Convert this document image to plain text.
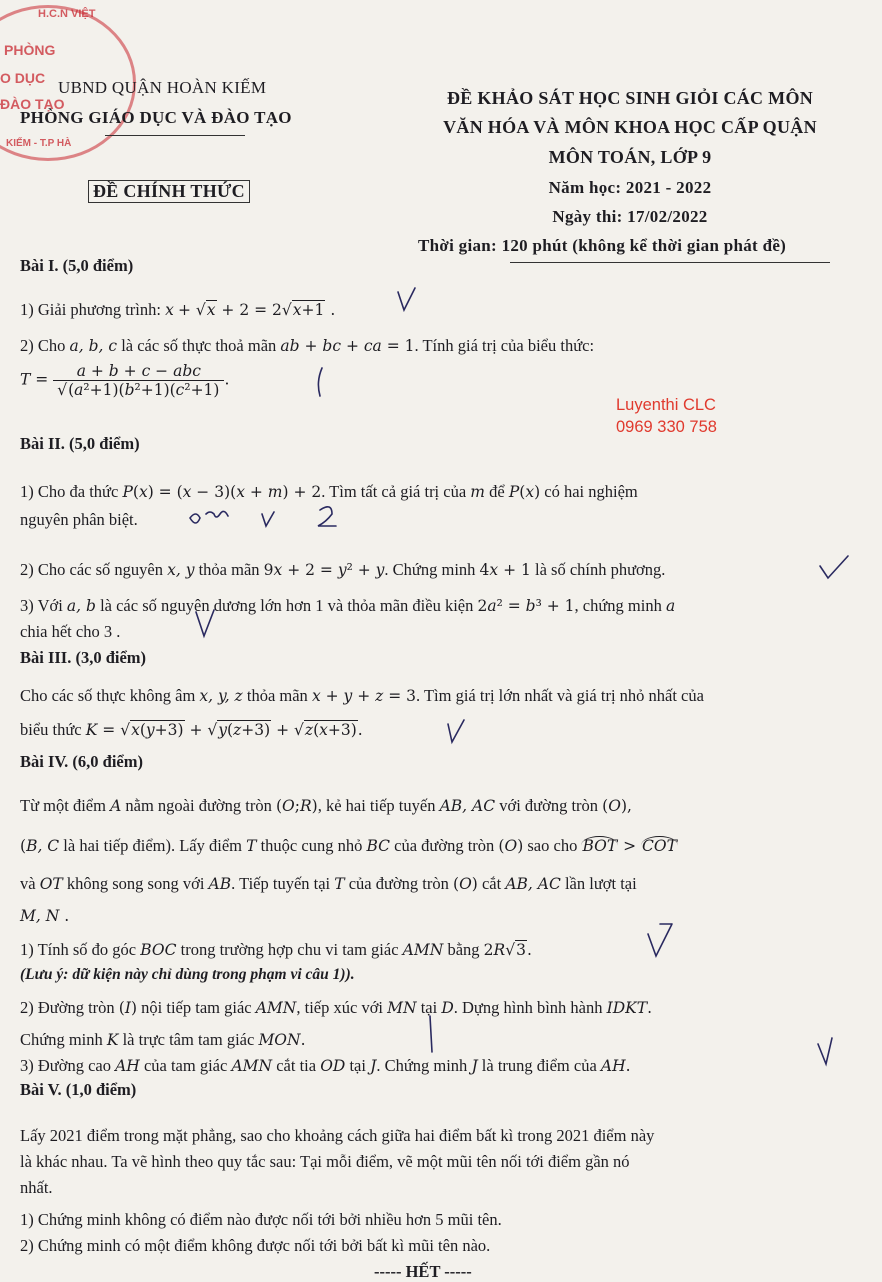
H.C.N VIỆT
PHÒNG
O DỤC
ĐÀO TẠO
KIẾM - T.P HÀ
UBND QUẬN HOÀN KIẾM
PHÒNG GIÁO DỤC VÀ ĐÀO TẠO
ĐỀ CHÍNH THỨC
ĐỀ KHẢO SÁT HỌC SINH GIỎI CÁC MÔN
VĂN HÓA VÀ MÔN KHOA HỌC CẤP QUẬN
MÔN TOÁN, LỚP 9
Năm học: 2021 - 2022
Ngày thi: 17/02/2022
Thời gian: 120 phút (không kể thời gian phát đề)
Luyenthi CLC
0969 330 758
Bài I. (5,0 điểm)
1) Giải phương trình: x + √x + 2 = 2√x+1 .
2) Cho a, b, c là các số thực thoả mãn ab + bc + ca = 1. Tính giá trị của biểu thức:
$T = \frac{\text{a + b + c − abc}}{\text{√(a²+1)(b²+1)(c²+1)}}$ .
Bài II. (5,0 điểm)
1) Cho đa thức P(x) = (x − 3)(x + m) + 2. Tìm tất cả giá trị của m để P(x) có hai nghiệm
nguyên phân biệt.
2) Cho các số nguyên x, y thỏa mãn 9x + 2 = y² + y. Chứng minh 4x + 1 là số chính phương.
3) Với a, b là các số nguyên dương lớn hơn 1 và thỏa mãn điều kiện 2a² = b³ + 1, chứng minh a
chia hết cho 3 .
Bài III. (3,0 điểm)
Cho các số thực không âm x, y, z thỏa mãn x + y + z = 3. Tìm giá trị lớn nhất và giá trị nhỏ nhất của
biểu thức K = √x(y+3) + √y(z+3) + √z(x+3).
Bài IV. (6,0 điểm)
Từ một điểm A nằm ngoài đường tròn (O;R), kẻ hai tiếp tuyến AB, AC với đường tròn (O),
(B, C là hai tiếp điểm). Lấy điểm T thuộc cung nhỏ BC của đường tròn (O) sao cho BOT > COT
và OT không song song với AB. Tiếp tuyến tại T của đường tròn (O) cắt AB, AC lần lượt tại
M, N .
1) Tính số đo góc BOC trong trường hợp chu vi tam giác AMN bằng 2R√3.
(Lưu ý: dữ kiện này chỉ dùng trong phạm vi câu 1)).
2) Đường tròn (I) nội tiếp tam giác AMN, tiếp xúc với MN tại D. Dựng hình bình hành IDKT.
Chứng minh K là trực tâm tam giác MON.
3) Đường cao AH của tam giác AMN cắt tia OD tại J. Chứng minh J là trung điểm của AH.
Bài V. (1,0 điểm)
Lấy 2021 điểm trong mặt phẳng, sao cho khoảng cách giữa hai điểm bất kì trong 2021 điểm này
là khác nhau. Ta vẽ hình theo quy tắc sau: Tại mỗi điểm, vẽ một mũi tên nối tới điểm gần nó
nhất.
1) Chứng minh không có điểm nào được nối tới bởi nhiều hơn 5 mũi tên.
2) Chứng minh có một điểm không được nối tới bởi bất kì mũi tên nào.
----- HẾT -----
